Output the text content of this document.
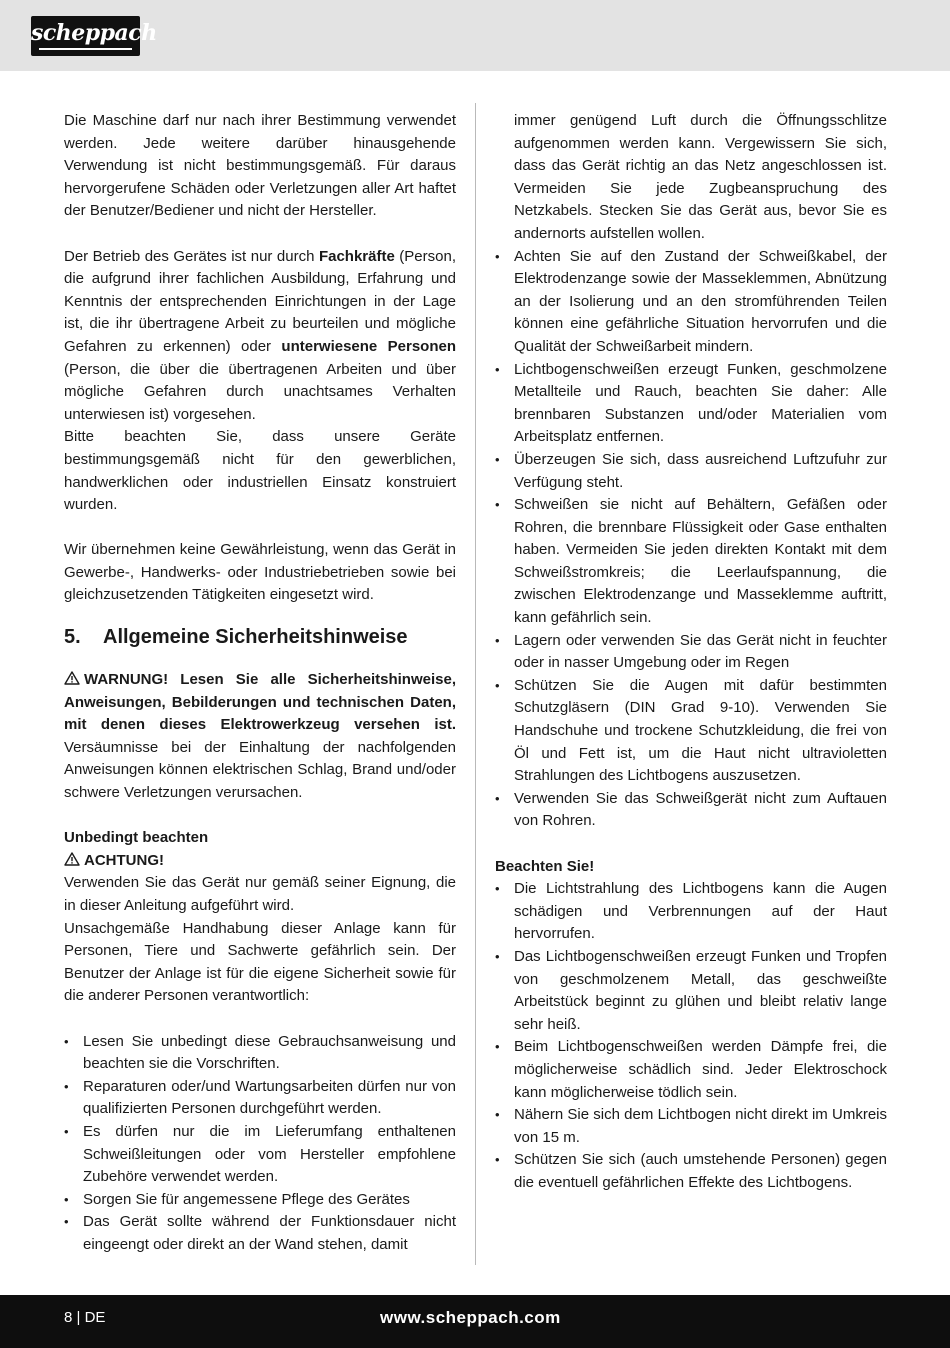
scheppach

Die Maschine darf nur nach ihrer Bestimmung verwendet werden. Jede weitere darüber hinausgehende Verwendung ist nicht bestimmungsgemäß. Für daraus hervorgerufene Schäden oder Verletzungen aller Art haftet der Benutzer/Bediener und nicht der Hersteller.

Der Betrieb des Gerätes ist nur durch Fachkräfte (Person, die aufgrund ihrer fachlichen Ausbildung, Erfahrung und Kenntnis der entsprechenden Einrichtungen in der Lage ist, die ihr übertragene Arbeit zu beurteilen und mögliche Gefahren zu erkennen) oder unterwiesene Personen (Person, die über die übertragenen Arbeiten und über mögliche Gefahren durch unachtsames Verhalten unterwiesen ist) vorgesehen.

Bitte beachten Sie, dass unsere Geräte bestimmungsgemäß nicht für den gewerblichen, handwerklichen oder industriellen Einsatz konstruiert wurden.

Wir übernehmen keine Gewährleistung, wenn das Gerät in Gewerbe-, Handwerks- oder Industriebetrieben sowie bei gleichzusetzenden Tätigkeiten eingesetzt wird.

5.	Allgemeine Sicherheitshinweise

WARNUNG! Lesen Sie alle Sicherheitshinweise, Anweisungen, Bebilderungen und technischen Daten, mit denen dieses Elektrowerkzeug versehen ist. Versäumnisse bei der Einhaltung der nachfolgenden Anweisungen können elektrischen Schlag, Brand und/oder schwere Verletzungen verursachen.

Unbedingt beachten

ACHTUNG!

Verwenden Sie das Gerät nur gemäß seiner Eignung, die in dieser Anleitung aufgeführt wird.

Unsachgemäße Handhabung dieser Anlage kann für Personen, Tiere und Sachwerte gefährlich sein. Der Benutzer der Anlage ist für die eigene Sicherheit sowie für die anderer Personen verantwortlich:

• Lesen Sie unbedingt diese Gebrauchsanweisung und beachten sie die Vorschriften.
• Reparaturen oder/und Wartungsarbeiten dürfen nur von qualifizierten Personen durchgeführt werden.
• Es dürfen nur die im Lieferumfang enthaltenen Schweißleitungen oder vom Hersteller empfohlene Zubehöre verwendet werden.
• Sorgen Sie für angemessene Pflege des Gerätes
• Das Gerät sollte während der Funktionsdauer nicht eingeengt oder direkt an der Wand stehen, damit
immer genügend Luft durch die Öffnungsschlitze aufgenommen werden kann. Vergewissern Sie sich, dass das Gerät richtig an das Netz angeschlossen ist. Vermeiden Sie jede Zugbeanspruchung des Netzkabels. Stecken Sie das Gerät aus, bevor Sie es andernorts aufstellen wollen.
• Achten Sie auf den Zustand der Schweißkabel, der Elektrodenzange sowie der Masseklemmen, Abnützung an der Isolierung und an den stromführenden Teilen können eine gefährliche Situation hervorrufen und die Qualität der Schweißarbeit mindern.
• Lichtbogenschweißen erzeugt Funken, geschmolzene Metallteile und Rauch, beachten Sie daher: Alle brennbaren Substanzen und/oder Materialien vom Arbeitsplatz entfernen.
• Überzeugen Sie sich, dass ausreichend Luftzufuhr zur Verfügung steht.
• Schweißen sie nicht auf Behältern, Gefäßen oder Rohren, die brennbare Flüssigkeit oder Gase enthalten haben. Vermeiden Sie jeden direkten Kontakt mit dem Schweißstromkreis; die Leerlaufspannung, die zwischen Elektrodenzange und Masseklemme auftritt, kann gefährlich sein.
• Lagern oder verwenden Sie das Gerät nicht in feuchter oder in nasser Umgebung oder im Regen
• Schützen Sie die Augen mit dafür bestimmten Schutzgläsern (DIN Grad 9-10). Verwenden Sie Handschuhe und trockene Schutzkleidung, die frei von Öl und Fett ist, um die Haut nicht ultravioletten Strahlungen des Lichtbogens auszusetzen.
• Verwenden Sie das Schweißgerät nicht zum Auftauen von Rohren.

Beachten Sie!

• Die Lichtstrahlung des Lichtbogens kann die Augen schädigen und Verbrennungen auf der Haut hervorrufen.
• Das Lichtbogenschweißen erzeugt Funken und Tropfen von geschmolzenem Metall, das geschweißte Arbeitstück beginnt zu glühen und bleibt relativ lange sehr heiß.
• Beim Lichtbogenschweißen werden Dämpfe frei, die möglicherweise schädlich sind. Jeder Elektroschock kann möglicherweise tödlich sein.
• Nähern Sie sich dem Lichtbogen nicht direkt im Umkreis von 15 m.
• Schützen Sie sich (auch umstehende Personen) gegen die eventuell gefährlichen Effekte des Lichtbogens.
8 | DE	www.scheppach.com
